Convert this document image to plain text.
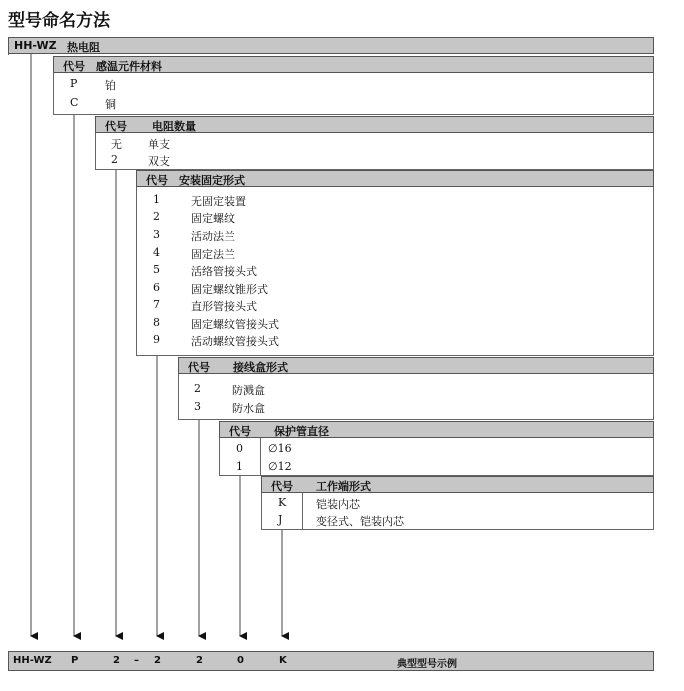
型号命名方法
HH-WZ 热电阻
代号 感温元件材料
P	铂
C 铜
代号 电阻数量
无 单支
2	双支
代号 安装固定形式
1	无固定装置
2	固定螺纹
3	活动法兰
4	固定法兰
5	活络管接头式
6	固定螺纹锥形式
7	直形管接头式
8	固定螺纹管接头式
9	活动螺纹管接头式
代号 接线盒形式
2	防溅盒
3	防水盒
代号 保护管直径
0 ∅16
1 ∅12
代号 工作端形式
K	铠装内芯
J	变径式、铠装内芯
HH-WZ P	2 – 2	2	0	K	典型型号示例
